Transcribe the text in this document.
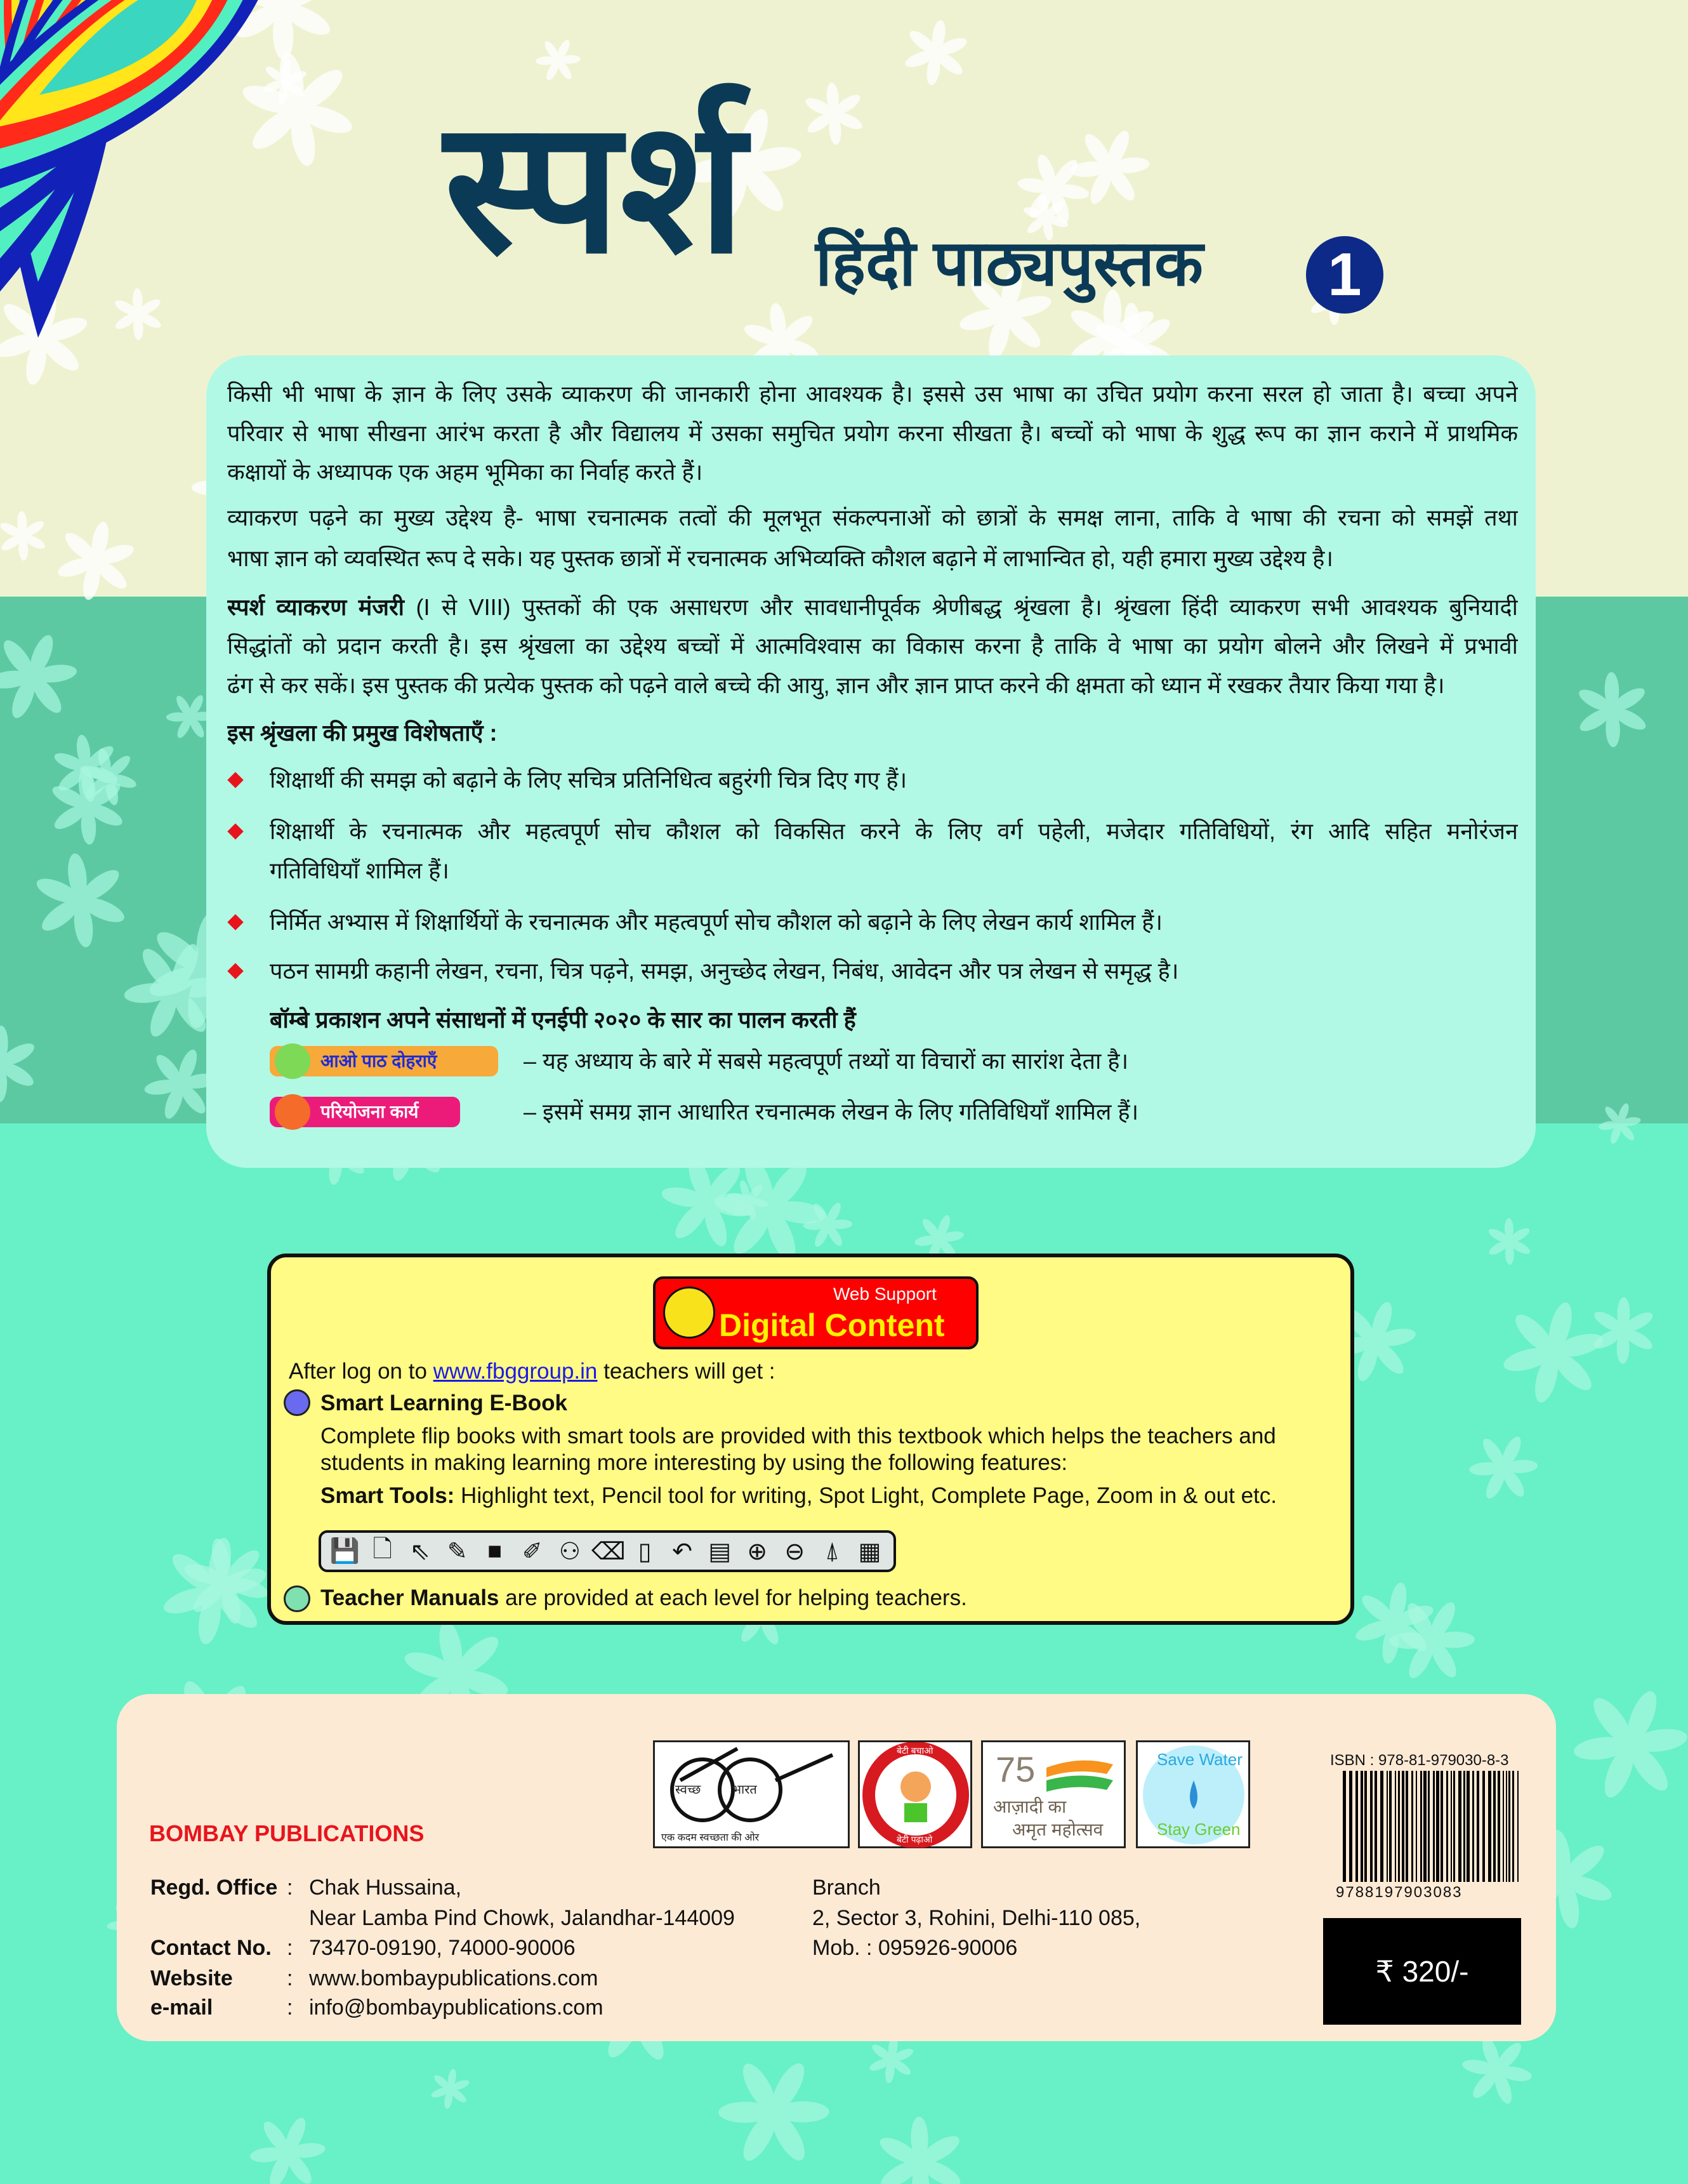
स्पर्श हिंदी पाठ्यपुस्तक	1
किसी भी भाषा के ज्ञान के लिए उसके व्याकरण की जानकारी होना आवश्यक है। इससे उस भाषा का उचित प्रयोग करना सरल हो जाता है। बच्चा अपने
परिवार से भाषा सीखना आरंभ करता है और विद्यालय में उसका समुचित प्रयोग करना सीखता है। बच्चों को भाषा के शुद्ध रूप का ज्ञान कराने में प्राथमिक
कक्षायों के अध्यापक एक अहम भूमिका का निर्वाह करते हैं।
व्याकरण पढ़ने का मुख्य उद्देश्य है- भाषा रचनात्मक तत्वों की मूलभूत संकल्पनाओं को छात्रों के समक्ष लाना, ताकि वे भाषा की रचना को समझें तथा
भाषा ज्ञान को व्यवस्थित रूप दे सके। यह पुस्तक छात्रों में रचनात्मक अभिव्यक्ति कौशल बढ़ाने में लाभान्वित हो, यही हमारा मुख्य उद्देश्य है।
स्पर्श व्याकरण मंजरी (I से VIII) पुस्तकों की एक असाधरण और सावधानीपूर्वक श्रेणीबद्ध श्रृंखला है। श्रृंखला हिंदी व्याकरण सभी आवश्यक बुनियादी
सिद्धांतों को प्रदान करती है। इस श्रृंखला का उद्देश्य बच्चों में आत्मविश्वास का विकास करना है ताकि वे भाषा का प्रयोग बोलने और लिखने में प्रभावी
ढंग से कर सकें। इस पुस्तक की प्रत्येक पुस्तक को पढ़ने वाले बच्चे की आयु, ज्ञान और ज्ञान प्राप्त करने की क्षमता को ध्यान में रखकर तैयार किया गया है।
इस श्रृंखला की प्रमुख विशेषताएँ :
शिक्षार्थी की समझ को बढ़ाने के लिए सचित्र प्रतिनिधित्व बहुरंगी चित्र दिए गए हैं।
शिक्षार्थी के रचनात्मक और महत्वपूर्ण सोच कौशल को विकसित करने के लिए वर्ग पहेली, मजेदार गतिविधियों, रंग आदि सहित मनोरंजन
गतिविधियाँ शामिल हैं।
निर्मित अभ्यास में शिक्षार्थियों के रचनात्मक और महत्वपूर्ण सोच कौशल को बढ़ाने के लिए लेखन कार्य शामिल हैं।
पठन सामग्री कहानी लेखन, रचना, चित्र पढ़ने, समझ, अनुच्छेद लेखन, निबंध, आवेदन और पत्र लेखन से समृद्ध है।
बॉम्बे प्रकाशन अपने संसाधनों में एनईपी २०२० के सार का पालन करती हैं
आओ पाठ दोहराएँ	– यह अध्याय के बारे में सबसे महत्वपूर्ण तथ्यों या विचारों का सारांश देता है।
परियोजना कार्य	– इसमें समग्र ज्ञान आधारित रचनात्मक लेखन के लिए गतिविधियाँ शामिल हैं।
Web Support
Digital Content
After log on to www.fbggroup.in teachers will get :
Smart Learning E-Book
Complete flip books with smart tools are provided with this textbook which helps the teachers and
students in making learning more interesting by using the following features:
Smart Tools: Highlight text, Pencil tool for writing, Spot Light, Complete Page, Zoom in & out etc.
💾 🗋 ⇖ ✎ ■ ✐ ⚇ ⌫ ▯ ↶ ▤ ⊕ ⊖ ⍋ ▦
Teacher Manuals are provided at each level for helping teachers.
BOMBAY PUBLICATIONS
स्वच्छ भारत
एक कदम स्वच्छता की ओर
बेटी बचाओ
बेटी पढ़ाओ
75
आज़ादी का
अमृत महोत्सव
Save Water
Stay Green
ISBN : 978-81-979030-8-3
9788197903083
₹ 320/-
Regd. Office : Chak Hussaina,
Near Lamba Pind Chowk, Jalandhar-144009
Contact No. : 73470-09190, 74000-90006
Website	: www.bombaypublications.com
e-mail	: info@bombaypublications.com
Branch
2, Sector 3, Rohini, Delhi-110 085,
Mob. : 095926-90006
